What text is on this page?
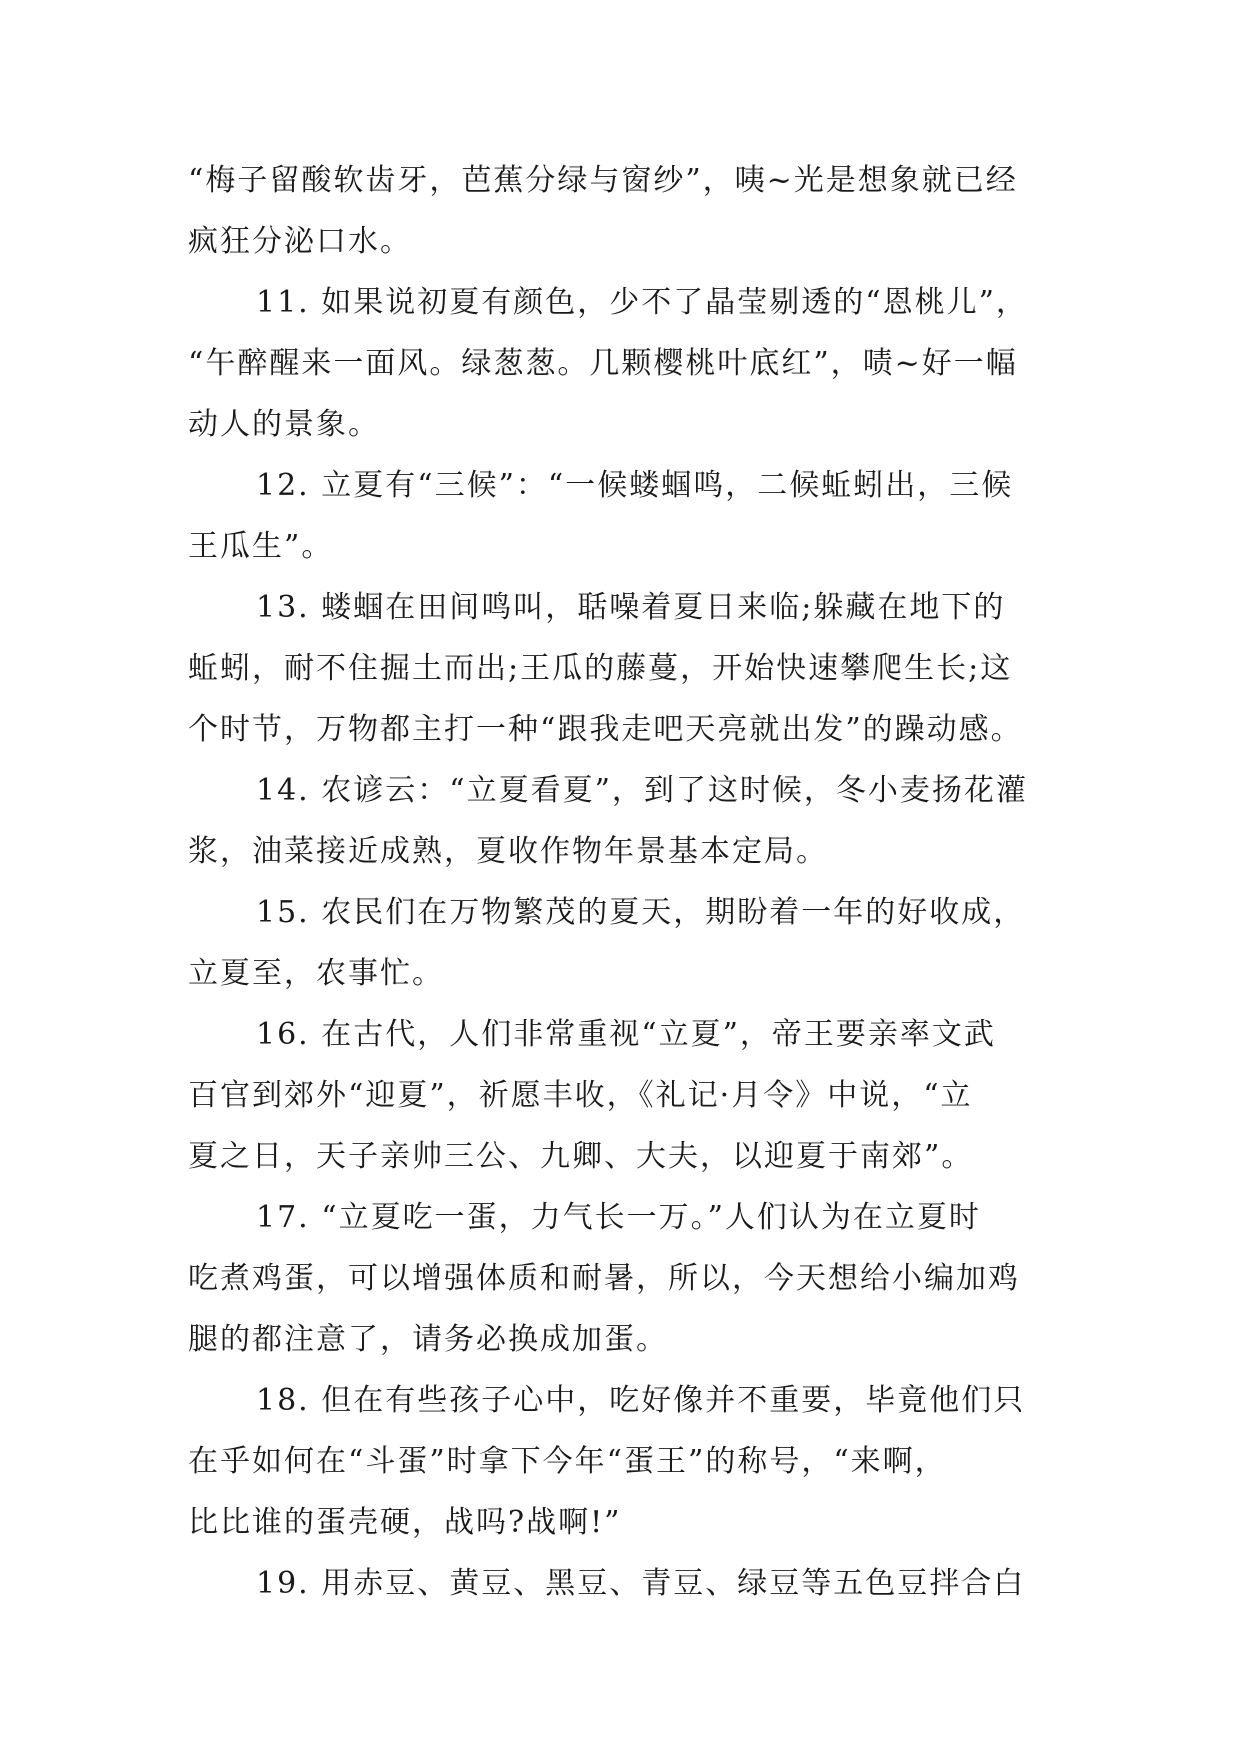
“梅子留酸软齿牙，芭蕉分绿与窗纱”，咦~光是想象就已经
疯狂分泌口水。
11. 如果说初夏有颜色，少不了晶莹剔透的“恩桃儿”，
“午醉醒来一面风。绿葱葱。几颗樱桃叶底红”，啧~好一幅
动人的景象。
12. 立夏有“三候”：“一候蝼蝈鸣，二候蚯蚓出，三候
王瓜生”。
13. 蝼蝈在田间鸣叫，聒噪着夏日来临;躲藏在地下的
蚯蚓，耐不住掘土而出;王瓜的藤蔓，开始快速攀爬生长;这
个时节，万物都主打一种“跟我走吧天亮就出发”的躁动感。
14. 农谚云：“立夏看夏”，到了这时候，冬小麦扬花灌
浆，油菜接近成熟，夏收作物年景基本定局。
15. 农民们在万物繁茂的夏天，期盼着一年的好收成，
立夏至，农事忙。
16. 在古代，人们非常重视“立夏”，帝王要亲率文武
百官到郊外“迎夏”，祈愿丰收，《礼记·月令》中说，“立
夏之日，天子亲帅三公、九卿、大夫，以迎夏于南郊”。
17. “立夏吃一蛋，力气长一万。”人们认为在立夏时
吃煮鸡蛋，可以增强体质和耐暑，所以，今天想给小编加鸡
腿的都注意了，请务必换成加蛋。
18. 但在有些孩子心中，吃好像并不重要，毕竟他们只
在乎如何在“斗蛋”时拿下今年“蛋王”的称号，“来啊，
比比谁的蛋壳硬，战吗?战啊!”
19. 用赤豆、黄豆、黑豆、青豆、绿豆等五色豆拌合白
